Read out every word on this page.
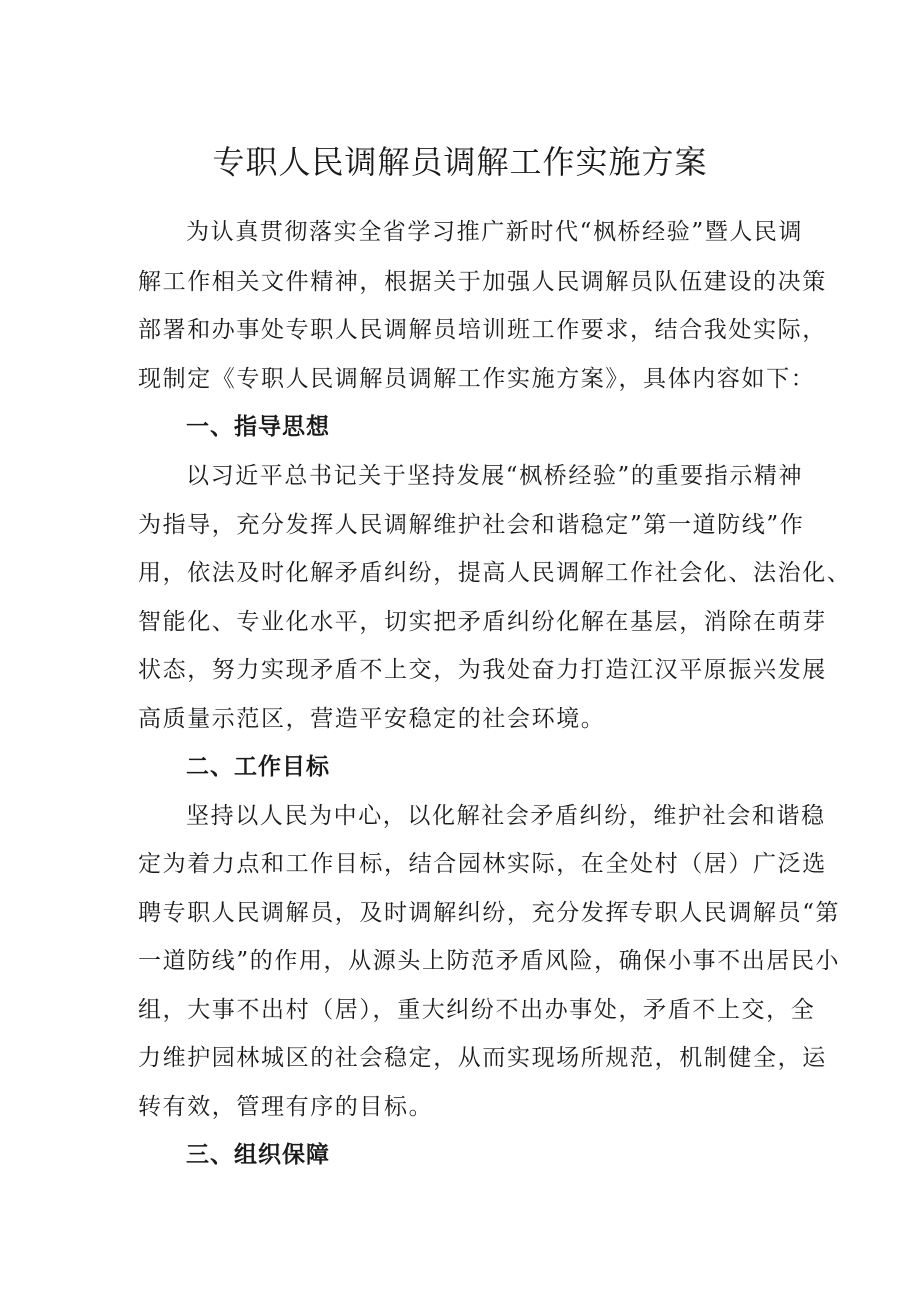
专职人民调解员调解工作实施方案
为认真贯彻落实全省学习推广新时代“枫桥经验”暨人民调
解工作相关文件精神，根据关于加强人民调解员队伍建设的决策
部署和办事处专职人民调解员培训班工作要求，结合我处实际，
现制定《专职人民调解员调解工作实施方案》，具体内容如下：
一、指导思想
以习近平总书记关于坚持发展“枫桥经验”的重要指示精神
为指导，充分发挥人民调解维护社会和谐稳定”第一道防线”作
用，依法及时化解矛盾纠纷，提高人民调解工作社会化、法治化、
智能化、专业化水平，切实把矛盾纠纷化解在基层，消除在萌芽
状态，努力实现矛盾不上交，为我处奋力打造江汉平原振兴发展
高质量示范区，营造平安稳定的社会环境。
二、工作目标
坚持以人民为中心，以化解社会矛盾纠纷，维护社会和谐稳
定为着力点和工作目标，结合园林实际，在全处村（居）广泛选
聘专职人民调解员，及时调解纠纷，充分发挥专职人民调解员“第
一道防线”的作用，从源头上防范矛盾风险，确保小事不出居民小
组，大事不出村（居），重大纠纷不出办事处，矛盾不上交，全
力维护园林城区的社会稳定，从而实现场所规范，机制健全，运
转有效，管理有序的目标。
三、组织保障
